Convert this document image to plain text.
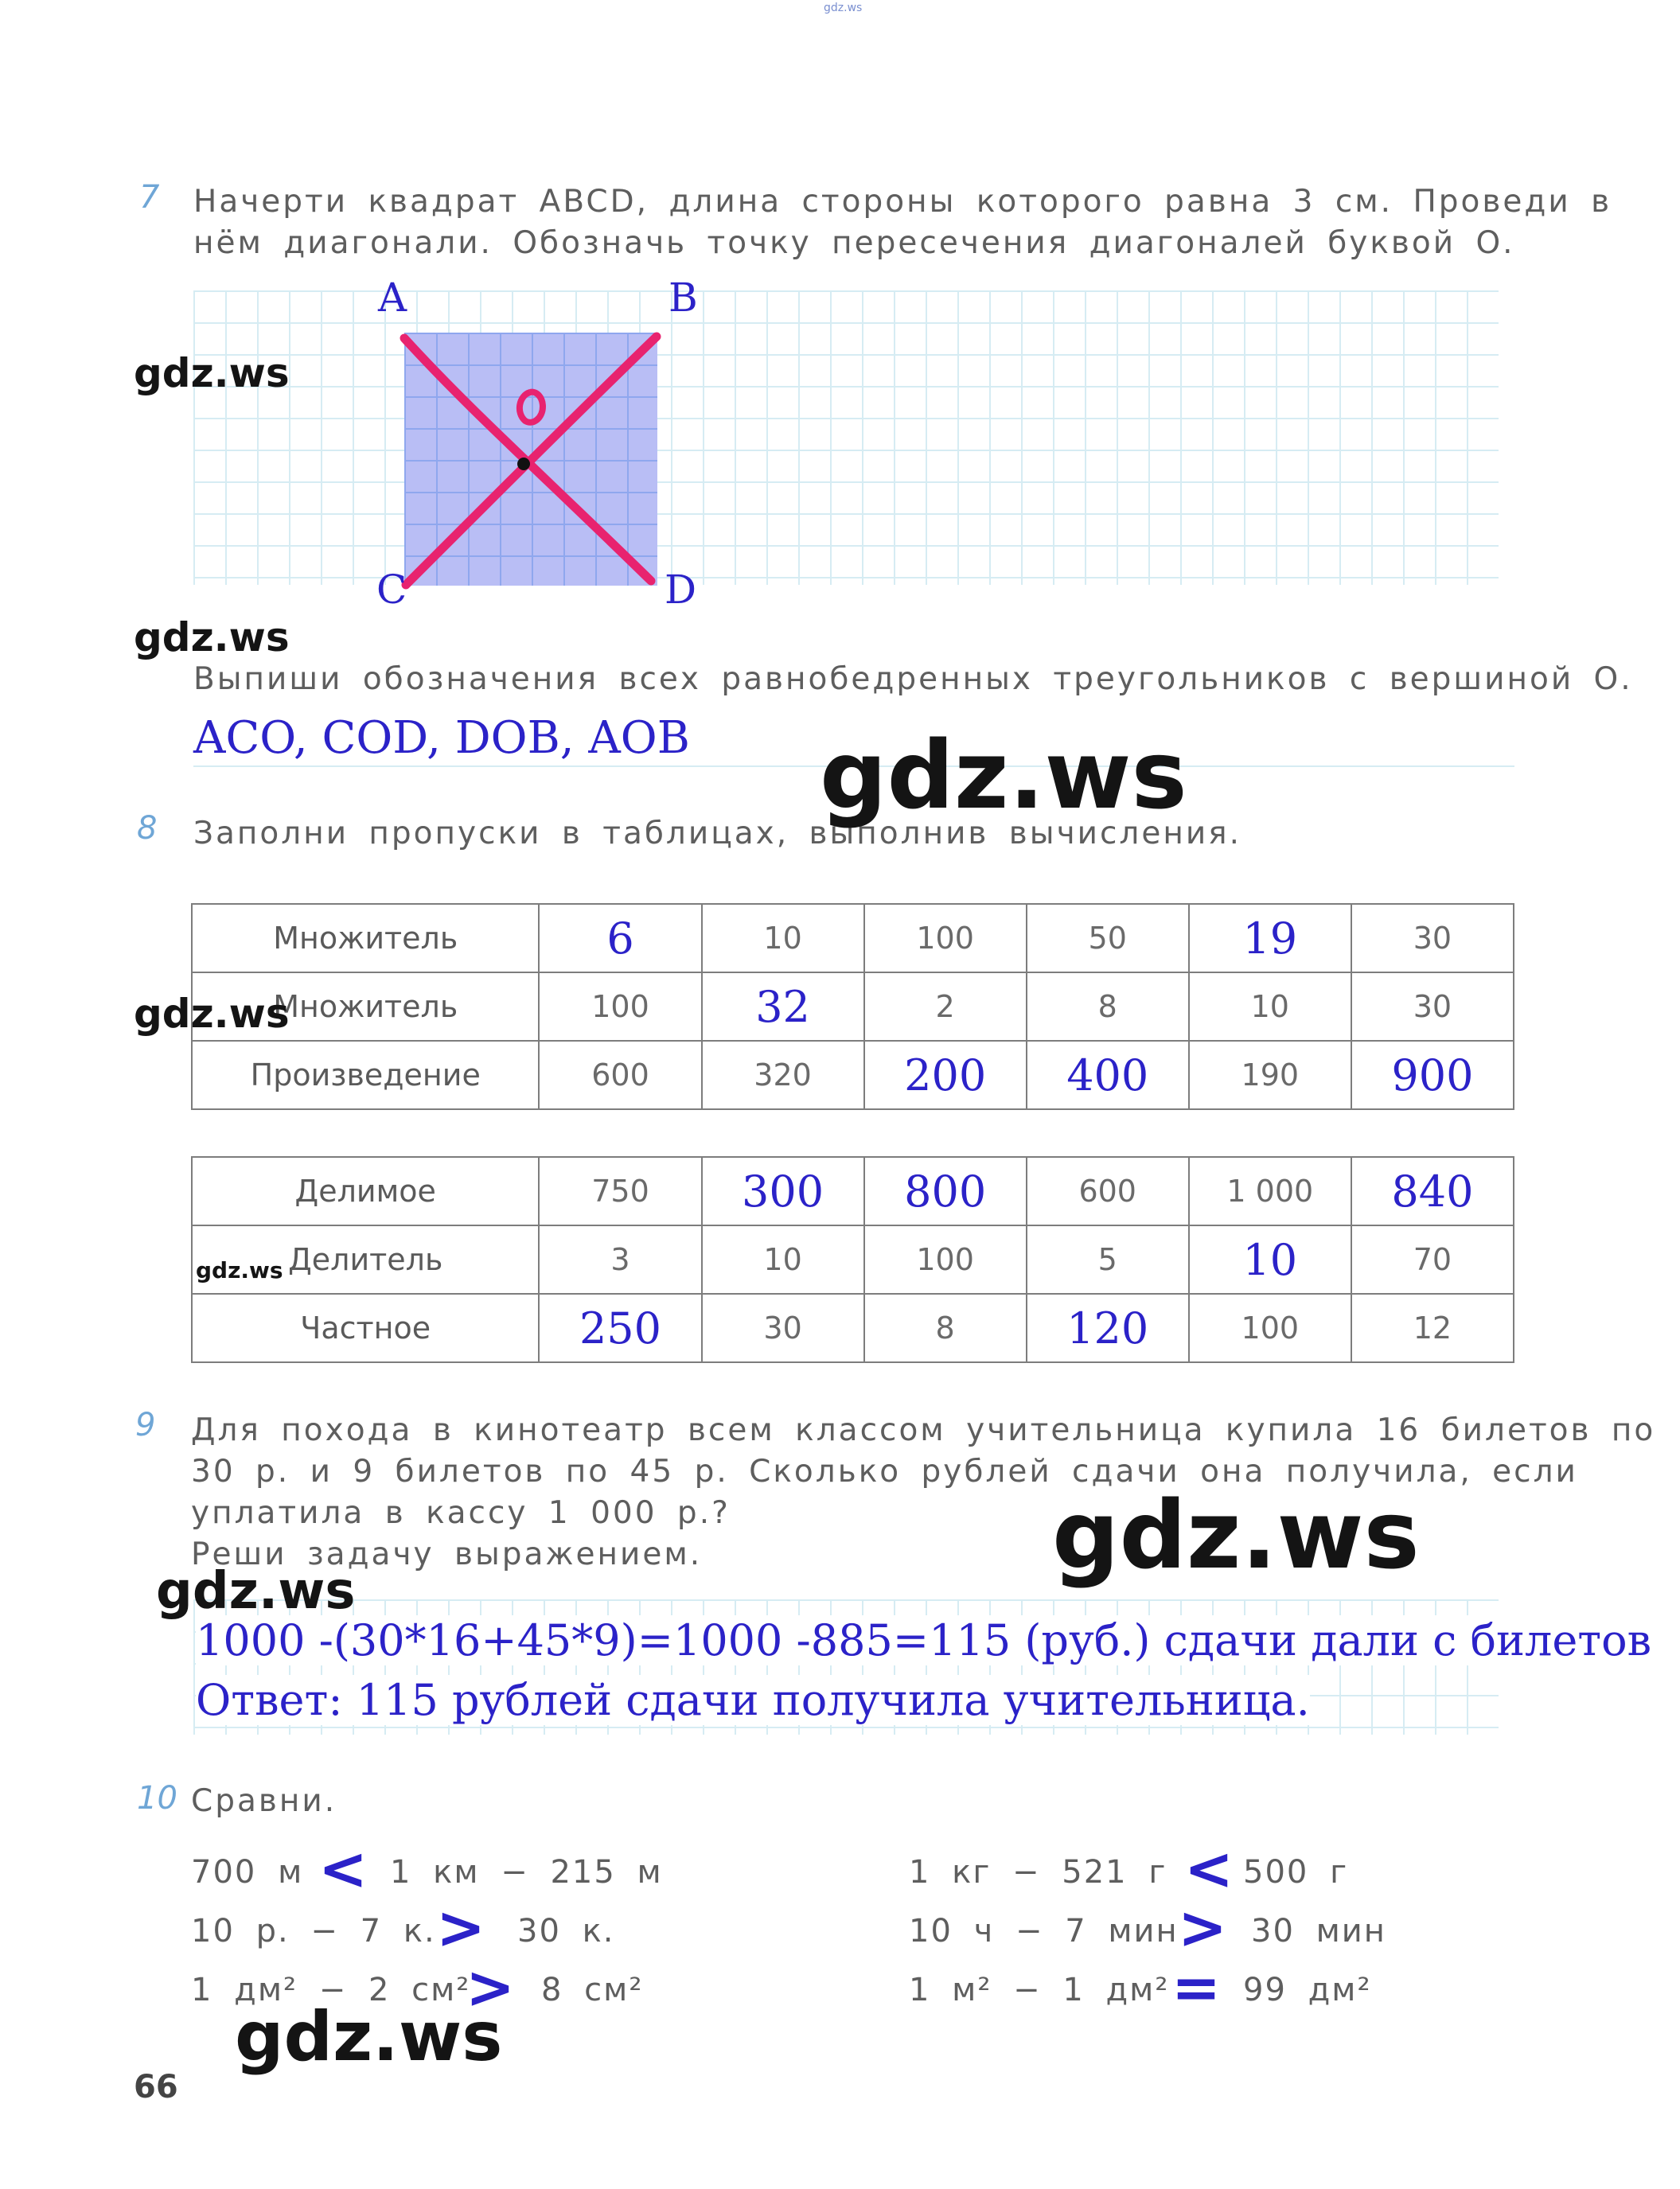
gdz.ws
7 Начерти квадрат ABCD, длина стороны которого равна 3 см. Проведи в
нём диагонали. Обозначь точку пересечения диагоналей буквой О.
A	B
C	D
Выпиши обозначения всех равнобедренных треугольников с вершиной О.
ACO, COD, DOB, AOB
8 Заполни пропуски в таблицах, выполнив вычисления.
Множитель	6	10	100	50	19	30
Множитель	100	32	2	8	10	30
Произведение	600	320	200	400	190	900
Делимое	750	300	800	600	1 000	840
Делитель	3	10	100	5	10	70
Частное	250	30	8	120	100	12
9 Для похода в кинотеатр всем классом учительница купила 16 билетов по
30 р. и 9 билетов по 45 р. Сколько рублей сдачи она получила, если
уплатила в кассу 1 000 р.?
Реши задачу выражением.
1000 -(30*16+45*9)=1000 -885=115 (руб.) сдачи дали с билетов
Ответ: 115 рублей сдачи получила учительница.
10 Сравни.
700 м < 1 км − 215 м
10 р. − 7 к. > 30 к.
1 дм² − 2 см²
> 8 см²
1 кг − 521 г < 500 г
10 ч − 7 мин > 30 мин
1 м² − 1 дм² = 99 дм²
66
gdz.ws
gdz.ws
gdz.ws
gdz.ws
gdz.ws
gdz.ws
gdz.ws
gdz.ws
